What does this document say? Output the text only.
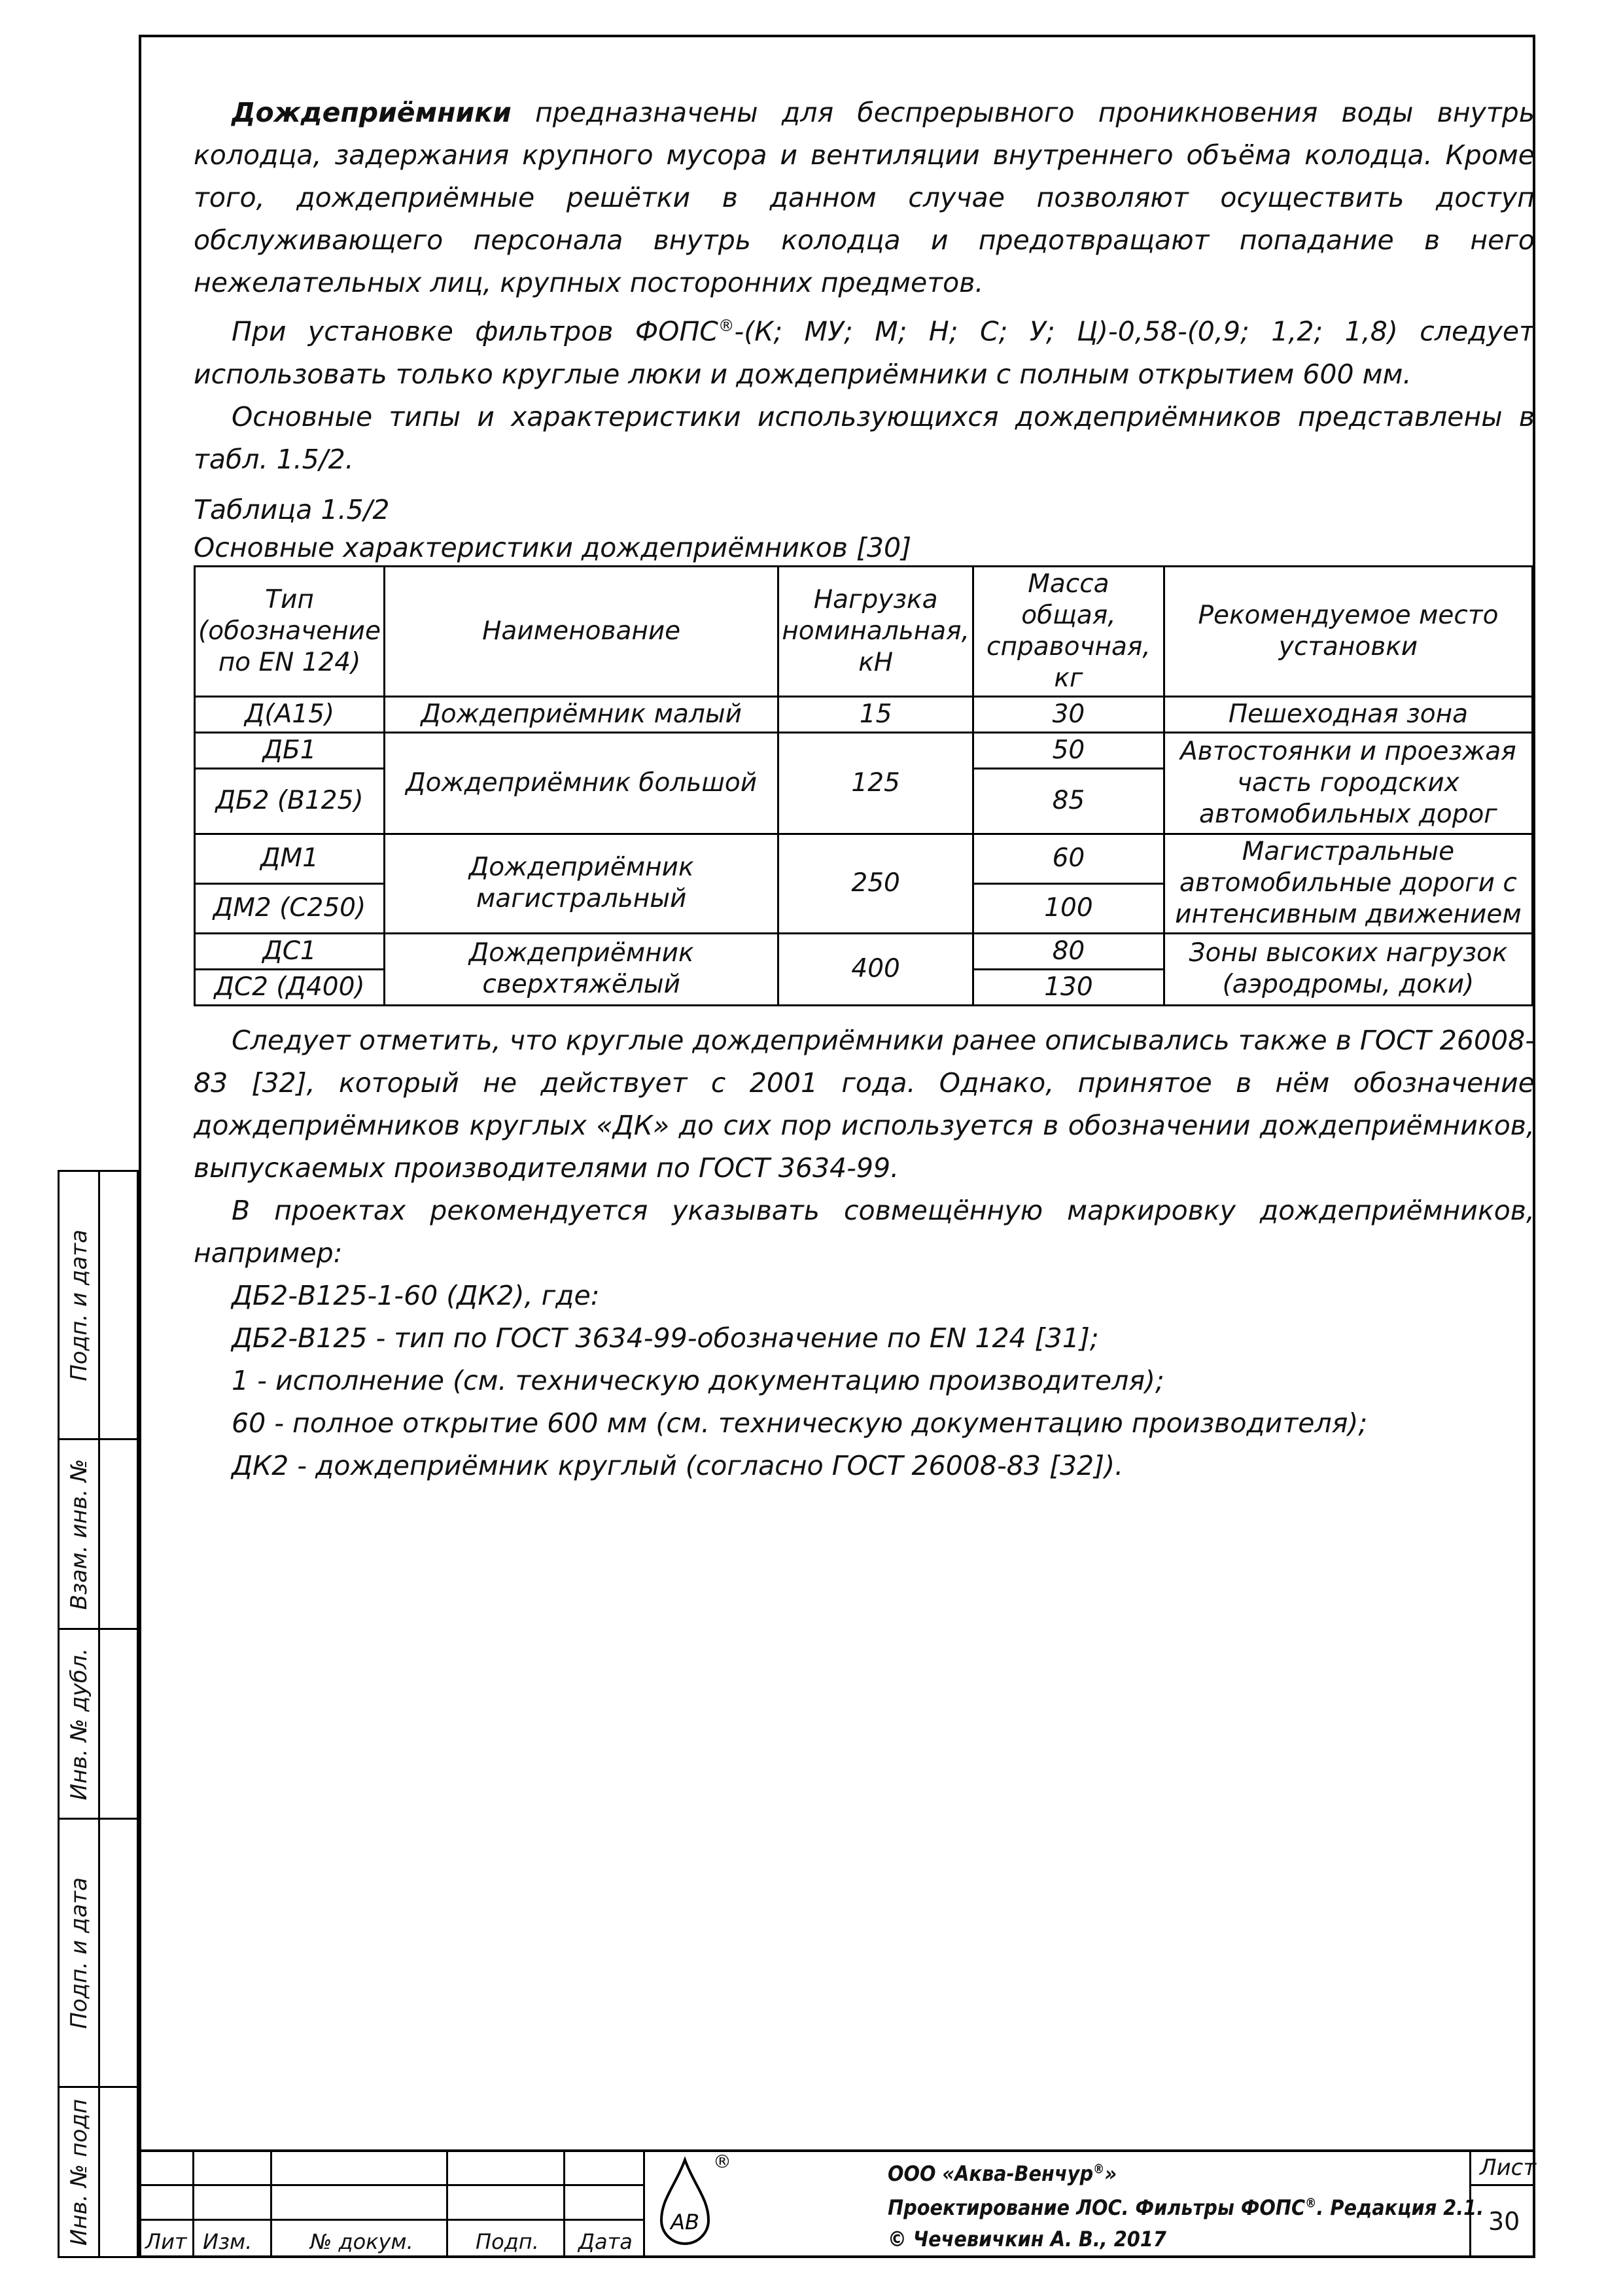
Дождеприёмники предназначены для беспрерывного проникновения воды внутрь колодца, задержания крупного мусора и вентиляции внутреннего объёма колодца. Кроме того, дождеприёмные решётки в данном случае позволяют осуществить доступ обслуживающего персонала внутрь колодца и предотвращают попадание в него нежелательных лиц, крупных посторонних предметов.

При установке фильтров ФОПС®-(К; МУ; М; Н; С; У; Ц)-0,58-(0,9; 1,2; 1,8) следует использовать только круглые люки и дождеприёмники с полным открытием 600 мм.

Основные типы и характеристики использующихся дождеприёмников представлены в табл. 1.5/2.

Таблица 1.5/2

Основные характеристики дождеприёмников [30]

Тип (обозначение по EN 124)	Наименование	Нагрузка номинальная, кН	Масса общая, справочная, кг	Рекомендуемое место установки
Д(А15)	Дождеприёмник малый	15	30	Пешеходная зона
ДБ1	Дождеприёмник большой	125	50	Автостоянки и проезжая часть городских автомобильных дорог
ДБ2 (В125)			85	
ДМ1	Дождеприёмник магистральный	250	60	Магистральные автомобильные дороги с интенсивным движением
ДМ2 (С250)			100	
ДС1	Дождеприёмник сверхтяжёлый	400	80	Зоны высоких нагрузок (аэродромы, доки)
ДС2 (Д400)			130	

Следует отметить, что круглые дождеприёмники ранее описывались также в ГОСТ 26008-83 [32], который не действует с 2001 года. Однако, принятое в нём обозначение дождеприёмников круглых «ДК» до сих пор используется в обозначении дождеприёмников, выпускаемых производителями по ГОСТ 3634-99.

В проектах рекомендуется указывать совмещённую маркировку дождеприёмников, например:

ДБ2-В125-1-60 (ДК2), где:

ДБ2-В125 - тип по ГОСТ 3634-99-обозначение по EN 124 [31];

1 - исполнение (см. техническую документацию производителя);

60 - полное открытие 600 мм (см. техническую документацию производителя);

ДК2 - дождеприёмник круглый (согласно ГОСТ 26008-83 [32]).

Подп. и дата
Взам. инв. №
Инв. № дубл.
Подп. и дата
Инв. № подп	Лит Изм.	№ докум.	Подп. Дата
АВ
®	ООО «Аква-Венчур®»
Проектирование ЛОС. Фильтры ФОПС®. Редакция 2.1.
© Чечевичкин А. В., 2017
Лист
30
